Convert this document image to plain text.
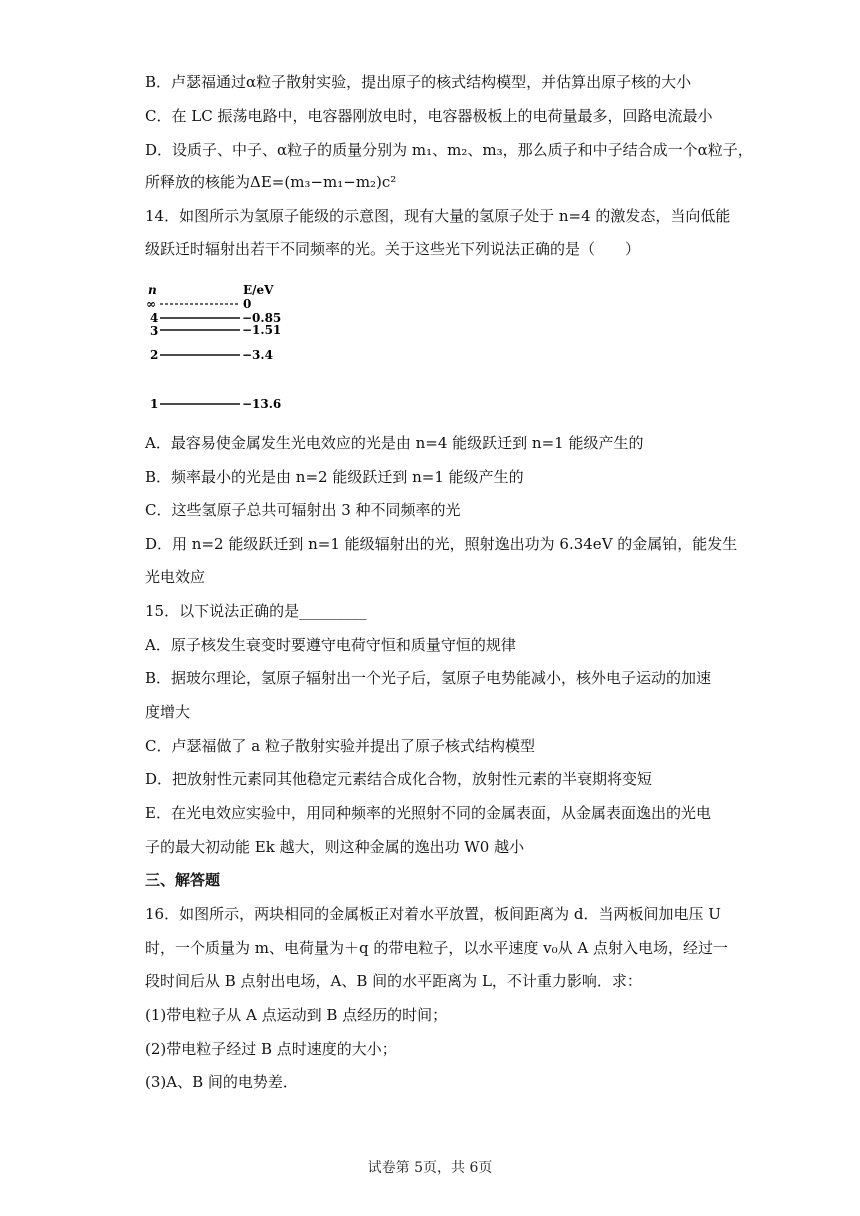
B．卢瑟福通过α粒子散射实验，提出原子的核式结构模型，并估算出原子核的大小
C．在 LC 振荡电路中，电容器刚放电时，电容器极板上的电荷量最多，回路电流最小
D．设质子、中子、α粒子的质量分别为 m₁、m₂、m₃，那么质子和中子结合成一个α粒子，
所释放的核能为ΔE=(m₃−m₁−m₂)c²
14．如图所示为氢原子能级的示意图，现有大量的氢原子处于 n=4 的激发态，当向低能
级跃迁时辐射出若干不同频率的光。关于这些光下列说法正确的是（　　）
n	E/eV
∞	0
4	−0.85
3	−1.51
2	−3.4
1	−13.6
A．最容易使金属发生光电效应的光是由 n=4 能级跃迁到 n=1 能级产生的
B．频率最小的光是由 n=2 能级跃迁到 n=1 能级产生的
C．这些氢原子总共可辐射出 3 种不同频率的光
D．用 n=2 能级跃迁到 n=1 能级辐射出的光，照射逸出功为 6.34eV 的金属铂，能发生
光电效应
15．以下说法正确的是_________
A．原子核发生衰变时要遵守电荷守恒和质量守恒的规律
B．据玻尔理论，氢原子辐射出一个光子后，氢原子电势能减小，核外电子运动的加速
度增大
C．卢瑟福做了 a 粒子散射实验并提出了原子核式结构模型
D．把放射性元素同其他稳定元素结合成化合物，放射性元素的半衰期将变短
E．在光电效应实验中，用同种频率的光照射不同的金属表面，从金属表面逸出的光电
子的最大初动能 Ek 越大，则这种金属的逸出功 W0 越小
三、解答题
16．如图所示，两块相同的金属板正对着水平放置，板间距离为 d．当两板间加电压 U
时，一个质量为 m、电荷量为＋q 的带电粒子，以水平速度 v₀从 A 点射入电场，经过一
段时间后从 B 点射出电场，A、B 间的水平距离为 L，不计重力影响．求：
(1)带电粒子从 A 点运动到 B 点经历的时间；
(2)带电粒子经过 B 点时速度的大小；
(3)A、B 间的电势差．
试卷第 5页，共 6页
